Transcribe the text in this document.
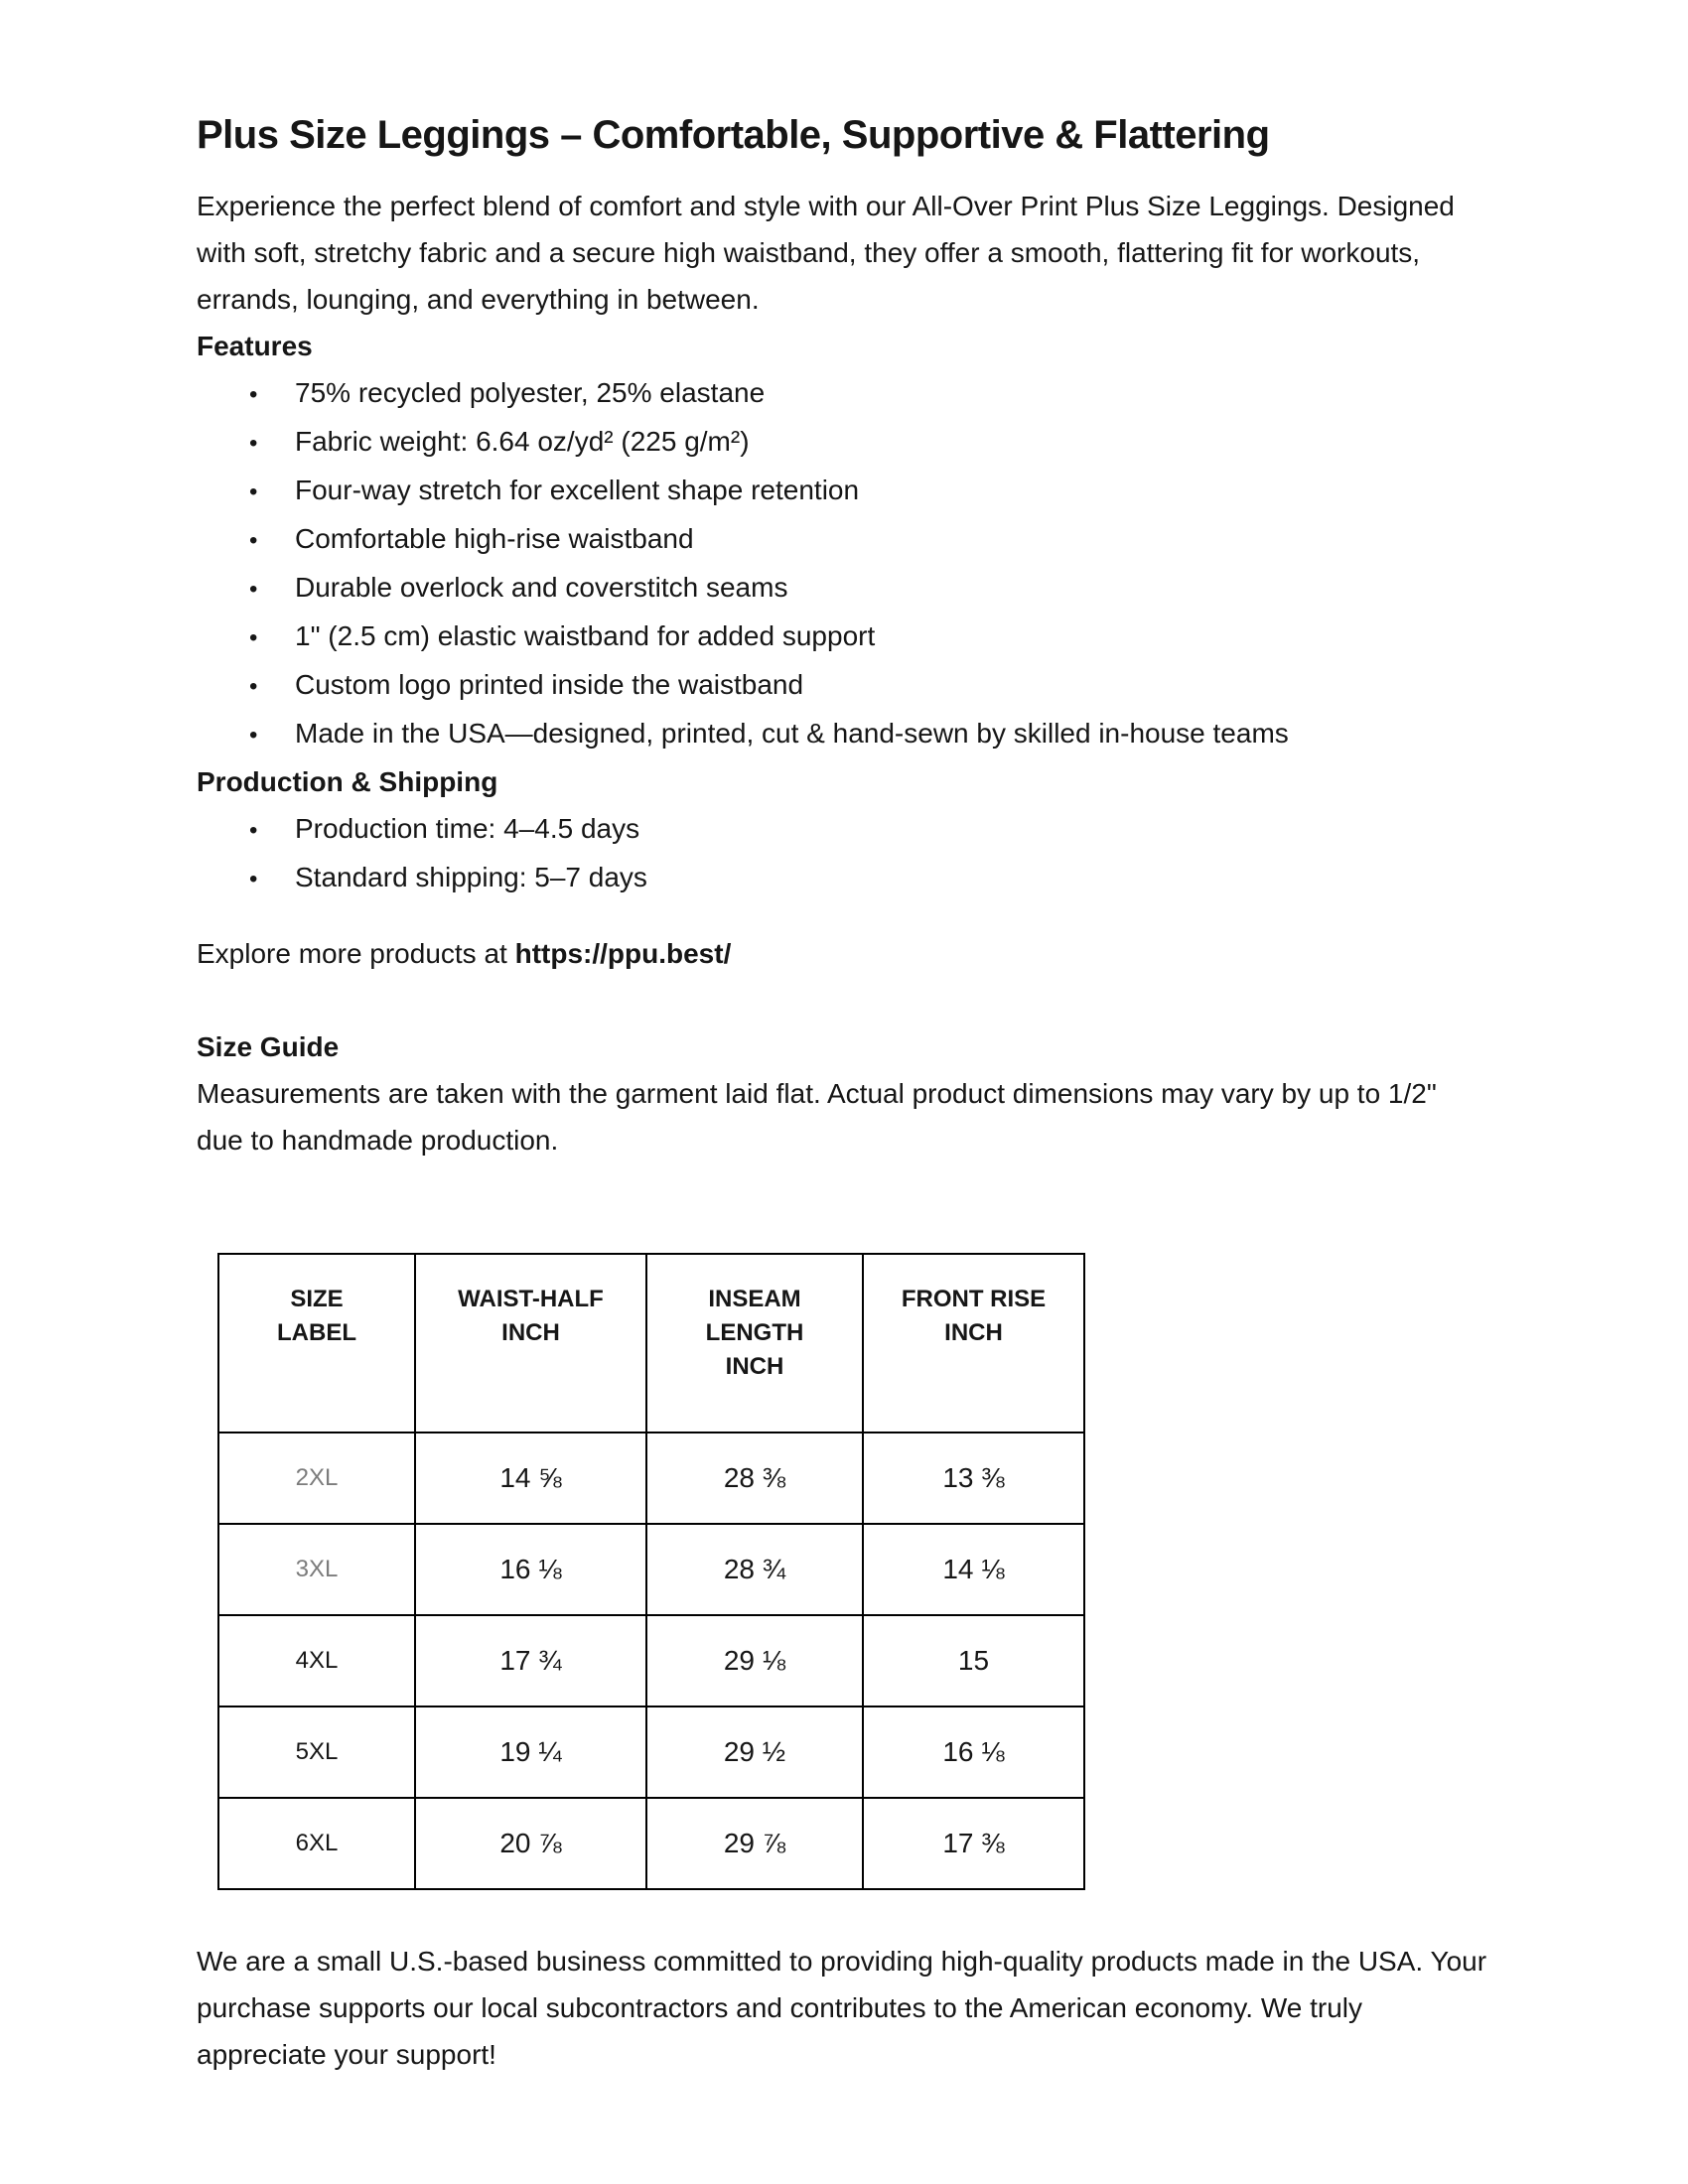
Plus Size Leggings – Comfortable, Supportive & Flattering

Experience the perfect blend of comfort and style with our All-Over Print Plus Size Leggings. Designed with soft, stretchy fabric and a secure high waistband, they offer a smooth, flattering fit for workouts, errands, lounging, and everything in between.

Features

•	75% recycled polyester, 25% elastane
•	Fabric weight: 6.64 oz/yd² (225 g/m²)
•	Four-way stretch for excellent shape retention
•	Comfortable high-rise waistband
•	Durable overlock and coverstitch seams
•	1" (2.5 cm) elastic waistband for added support
•	Custom logo printed inside the waistband
•	Made in the USA—designed, printed, cut & hand-sewn by skilled in-house teams

Production & Shipping

•	Production time: 4–4.5 days
•	Standard shipping: 5–7 days

Explore more products at https://ppu.best/

Size Guide

Measurements are taken with the garment laid flat. Actual product dimensions may vary by up to 1/2" due to handmade production.

SIZE LABEL	WAIST-HALF INCH	INSEAM LENGTH INCH	FRONT RISE INCH
2XL	14 ⅝	28 ⅜	13 ⅜
3XL	16 ⅛	28 ¾	14 ⅛
4XL	17 ¾	29 ⅛	15
5XL	19 ¼	29 ½	16 ⅛
6XL	20 ⅞	29 ⅞	17 ⅜

We are a small U.S.-based business committed to providing high-quality products made in the USA. Your purchase supports our local subcontractors and contributes to the American economy. We truly appreciate your support!
